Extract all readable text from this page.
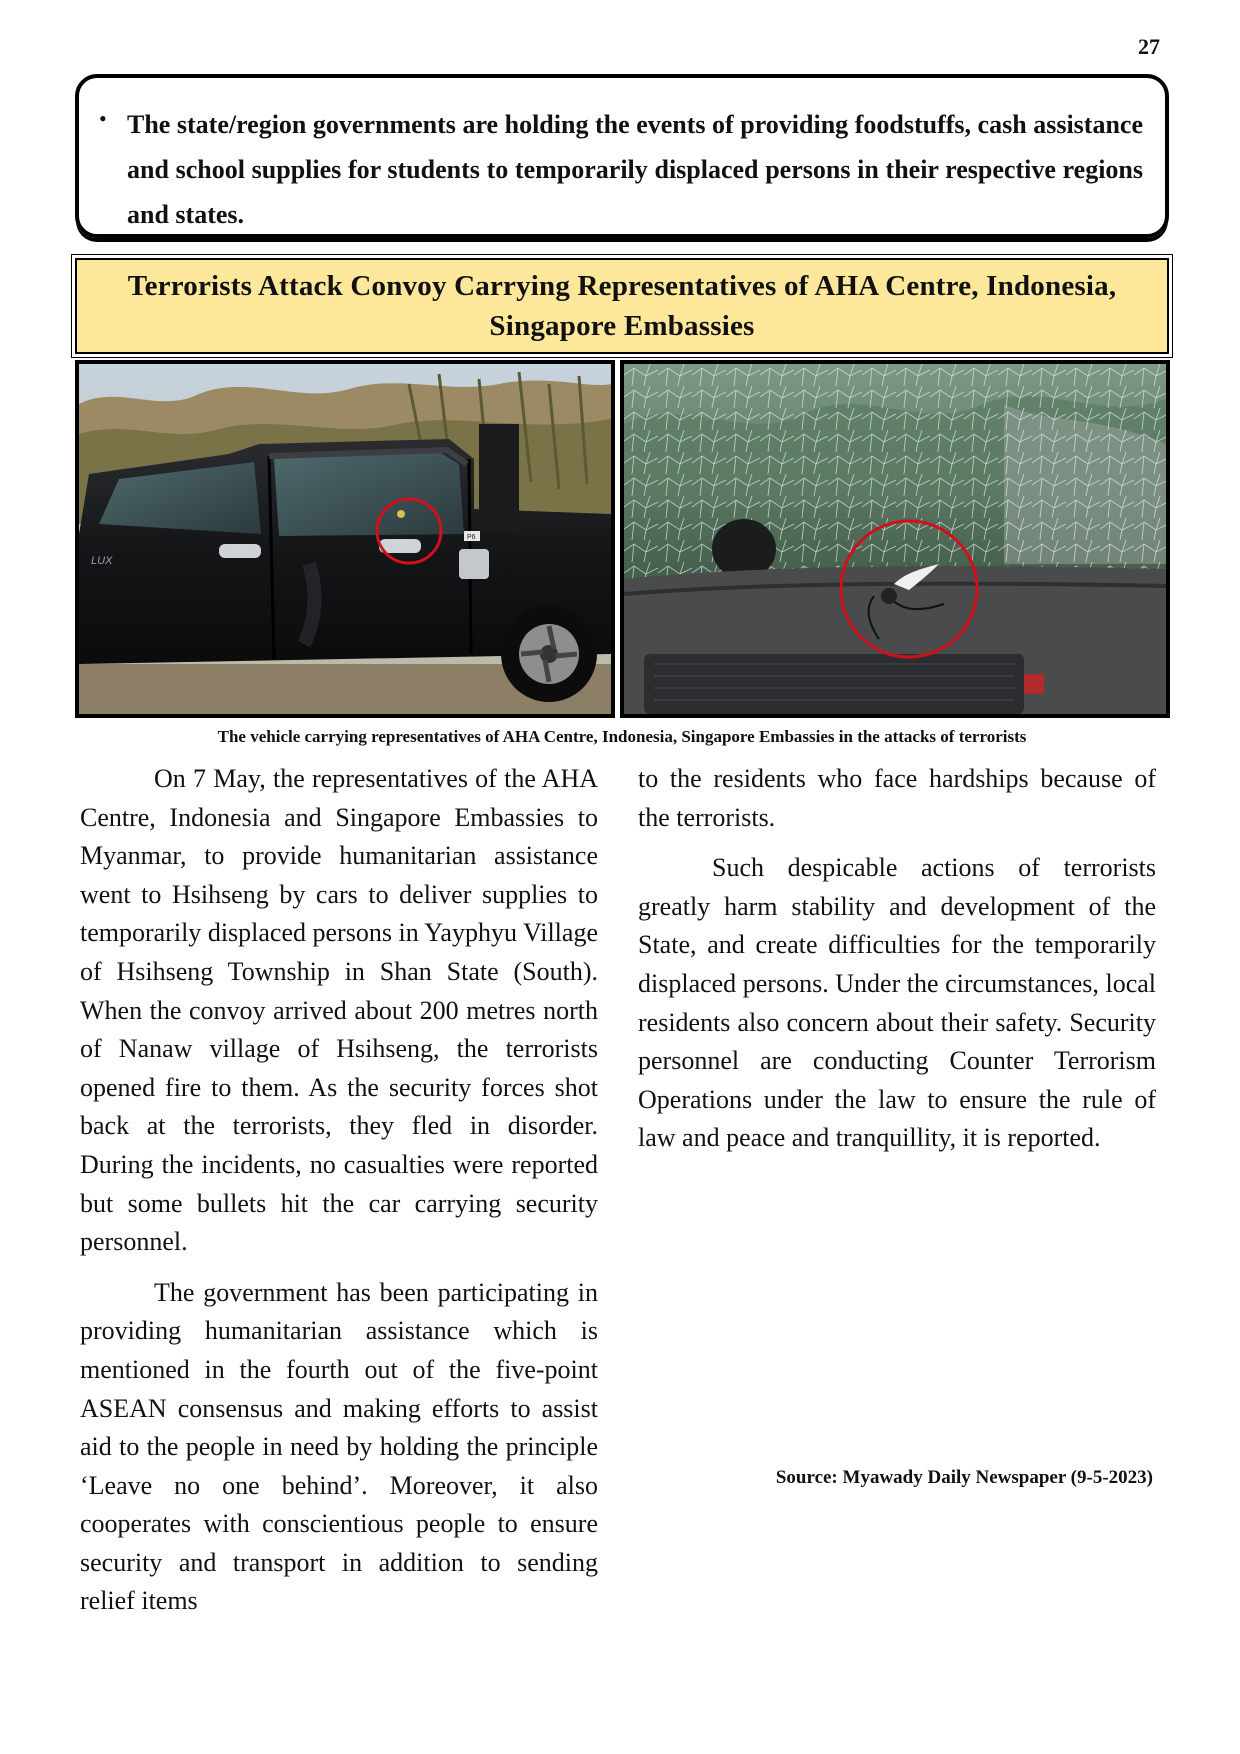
27
• The state/region governments are holding the events of providing foodstuffs, cash assistance and school supplies for students to temporarily displaced persons in their respective regions and states.

Terrorists Attack Convoy Carrying Representatives of AHA Centre, Indonesia,
Singapore Embassies
P6
LUX
The vehicle carrying representatives of AHA Centre, Indonesia, Singapore Embassies in the attacks of terrorists

On 7 May, the representatives of the AHA Centre, Indonesia and Singapore Embassies to Myanmar, to provide humanitarian assistance went to Hsihseng by cars to deliver supplies to temporarily displaced persons in Yayphyu Village of Hsihseng Township in Shan State (South). When the convoy arrived about 200 metres north of Nanaw village of Hsihseng, the terrorists opened fire to them. As the security forces shot back at the terrorists, they fled in disorder. During the incidents, no casualties were reported but some bullets hit the car carrying security personnel.

The government has been participating in providing humanitarian assistance which is mentioned in the fourth out of the five-point ASEAN consensus and making efforts to assist aid to the people in need by holding the principle ‘Leave no one behind’. Moreover, it also cooperates with conscientious people to ensure security and transport in addition to sending relief items

to the residents who face hardships because of the terrorists.

Such despicable actions of terrorists greatly harm stability and development of the State, and create difficulties for the temporarily displaced persons. Under the circumstances, local residents also concern about their safety. Security personnel are conducting Counter Terrorism Operations under the law to ensure the rule of law and peace and tranquillity, it is reported.

Source: Myawady Daily Newspaper (9-5-2023)
